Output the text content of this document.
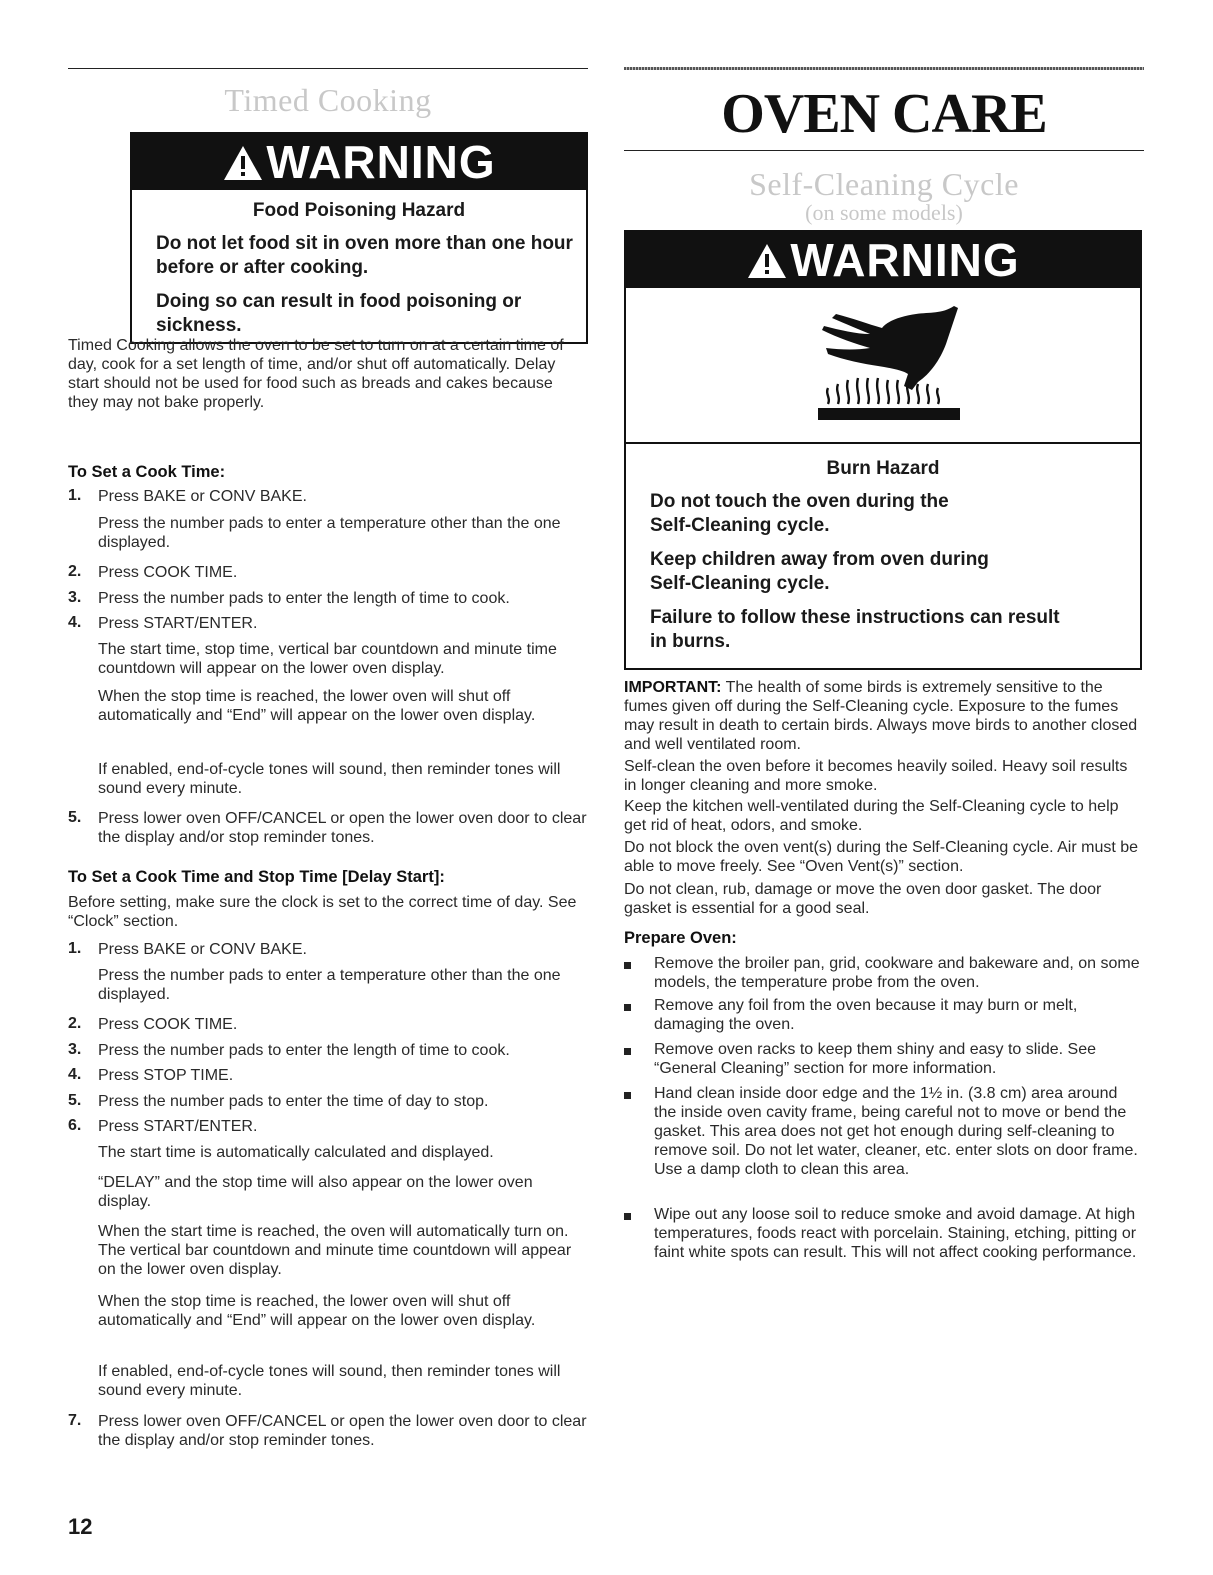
Timed Cooking
WARNING
Food Poisoning Hazard
Do not let food sit in oven more than one hour
before or after cooking.
Doing so can result in food poisoning or
sickness.
Timed Cooking allows the oven to be set to turn on at a certain time of day, cook for a set length of time, and/or shut off automatically. Delay start should not be used for food such as breads and cakes because they may not bake properly.
To Set a Cook Time:
1. Press BAKE or CONV BAKE.
Press the number pads to enter a temperature other than the one displayed.
2. Press COOK TIME.
3. Press the number pads to enter the length of time to cook.
4. Press START/ENTER.
The start time, stop time, vertical bar countdown and minute time countdown will appear on the lower oven display.
When the stop time is reached, the lower oven will shut off automatically and “End” will appear on the lower oven display.
If enabled, end-of-cycle tones will sound, then reminder tones will sound every minute.
5. Press lower oven OFF/CANCEL or open the lower oven door to clear the display and/or stop reminder tones.
To Set a Cook Time and Stop Time [Delay Start]:
Before setting, make sure the clock is set to the correct time of day. See “Clock” section.
1. Press BAKE or CONV BAKE.
Press the number pads to enter a temperature other than the one displayed.
2. Press COOK TIME.
3. Press the number pads to enter the length of time to cook.
4. Press STOP TIME.
5. Press the number pads to enter the time of day to stop.
6. Press START/ENTER.
The start time is automatically calculated and displayed.
“DELAY” and the stop time will also appear on the lower oven display.
When the start time is reached, the oven will automatically turn on. The vertical bar countdown and minute time countdown will appear on the lower oven display.
When the stop time is reached, the lower oven will shut off automatically and “End” will appear on the lower oven display.
If enabled, end-of-cycle tones will sound, then reminder tones will sound every minute.
7. Press lower oven OFF/CANCEL or open the lower oven door to clear the display and/or stop reminder tones.
12
OVEN CARE
Self-Cleaning Cycle
(on some models)
WARNING
Burn Hazard
Do not touch the oven during the
Self-Cleaning cycle.
Keep children away from oven during
Self-Cleaning cycle.
Failure to follow these instructions can result
in burns.
IMPORTANT: The health of some birds is extremely sensitive to the fumes given off during the Self-Cleaning cycle. Exposure to the fumes may result in death to certain birds. Always move birds to another closed and well ventilated room.
Self-clean the oven before it becomes heavily soiled. Heavy soil results in longer cleaning and more smoke.
Keep the kitchen well-ventilated during the Self-Cleaning cycle to help get rid of heat, odors, and smoke.
Do not block the oven vent(s) during the Self-Cleaning cycle. Air must be able to move freely. See “Oven Vent(s)” section.
Do not clean, rub, damage or move the oven door gasket. The door gasket is essential for a good seal.
Prepare Oven:
Remove the broiler pan, grid, cookware and bakeware and, on some models, the temperature probe from the oven.
Remove any foil from the oven because it may burn or melt, damaging the oven.
Remove oven racks to keep them shiny and easy to slide. See “General Cleaning” section for more information.
Hand clean inside door edge and the 1½ in. (3.8 cm) area around the inside oven cavity frame, being careful not to move or bend the gasket. This area does not get hot enough during self-cleaning to remove soil. Do not let water, cleaner, etc. enter slots on door frame. Use a damp cloth to clean this area.
Wipe out any loose soil to reduce smoke and avoid damage. At high temperatures, foods react with porcelain. Staining, etching, pitting or faint white spots can result. This will not affect cooking performance.
